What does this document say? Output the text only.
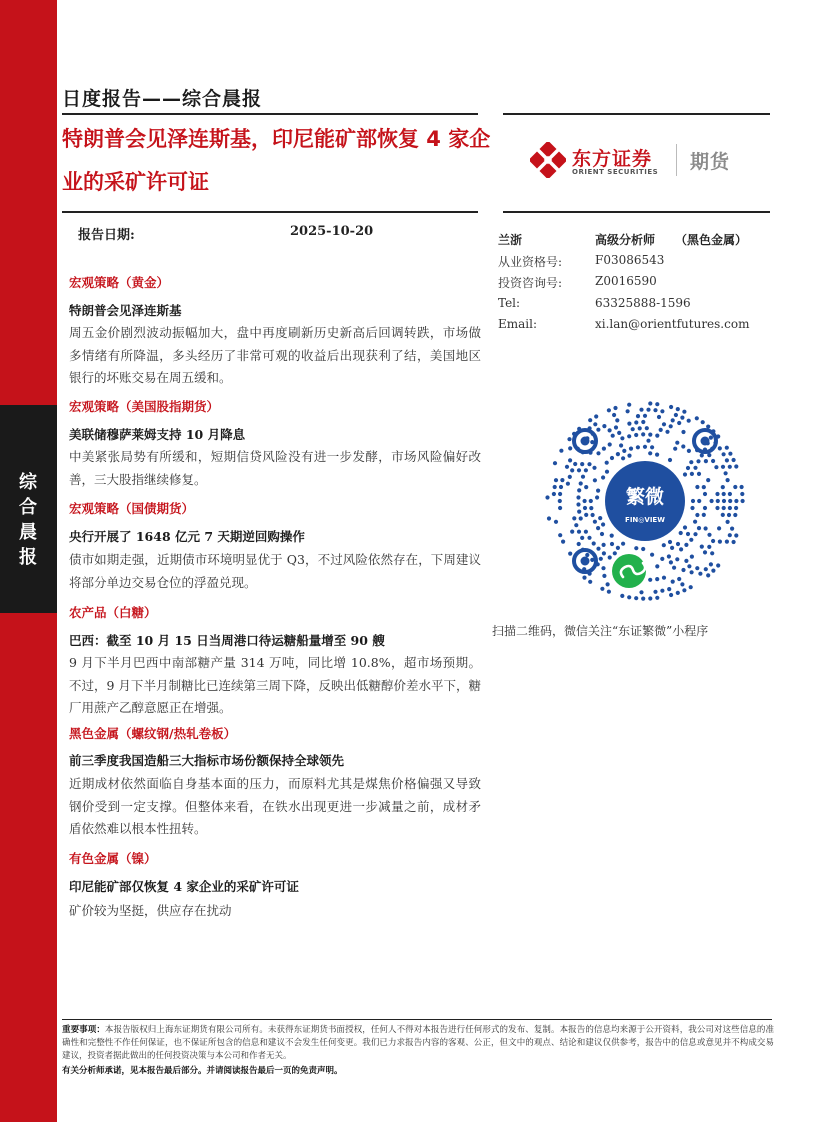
综
合
晨
报
日度报告——综合晨报
特朗普会见泽连斯基，印尼能矿部恢复 4 家企业的采矿许可证
报告日期:	2025-10-20
东方证券
ORIENT SECURITIES 期货
兰浙	高级分析师 （黑色金属）
从业资格号:	F03086543
投资咨询号:	Z0016590
Tel:	63325888-1596
Email:	xi.lan@orientfutures.com
繁微
FIN◎VIEW
扫描二维码，微信关注“东证繁微”小程序
宏观策略（黄金）
特朗普会见泽连斯基
周五金价剧烈波动振幅加大，盘中再度刷新历史新高后回调转跌，市场做多情绪有所降温，多头经历了非常可观的收益后出现获利了结，美国地区银行的坏账交易在周五缓和。
宏观策略（美国股指期货）
美联储穆萨莱姆支持 10 月降息
中美紧张局势有所缓和，短期信贷风险没有进一步发酵，市场风险偏好改善，三大股指继续修复。
宏观策略（国债期货）
央行开展了 1648 亿元 7 天期逆回购操作
债市如期走强，近期债市环境明显优于 Q3，不过风险依然存在，下周建议将部分单边交易仓位的浮盈兑现。
农产品（白糖）
巴西：截至 10 月 15 日当周港口待运糖船量增至 90 艘
9 月下半月巴西中南部糖产量 314 万吨，同比增 10.8%，超市场预期。不过，9 月下半月制糖比已连续第三周下降，反映出低糖醇价差水平下，糖厂用蔗产乙醇意愿正在增强。
黑色金属（螺纹钢/热轧卷板）
前三季度我国造船三大指标市场份额保持全球领先
近期成材依然面临自身基本面的压力，而原料尤其是煤焦价格偏强又导致钢价受到一定支撑。但整体来看，在铁水出现更进一步减量之前，成材矛盾依然难以根本性扭转。
有色金属（镍）
印尼能矿部仅恢复 4 家企业的采矿许可证
矿价较为坚挺，供应存在扰动
重要事项：本报告版权归上海东证期货有限公司所有。未获得东证期货书面授权，任何人不得对本报告进行任何形式的发布、复制。本报告的信息均来源于公开资料，我公司对这些信息的准确性和完整性不作任何保证，也不保证所包含的信息和建议不会发生任何变更。我们已力求报告内容的客观、公正，但文中的观点、结论和建议仅供参考，报告中的信息或意见并不构成交易建议，投资者据此做出的任何投资决策与本公司和作者无关。
有关分析师承诺，见本报告最后部分。并请阅读报告最后一页的免责声明。
